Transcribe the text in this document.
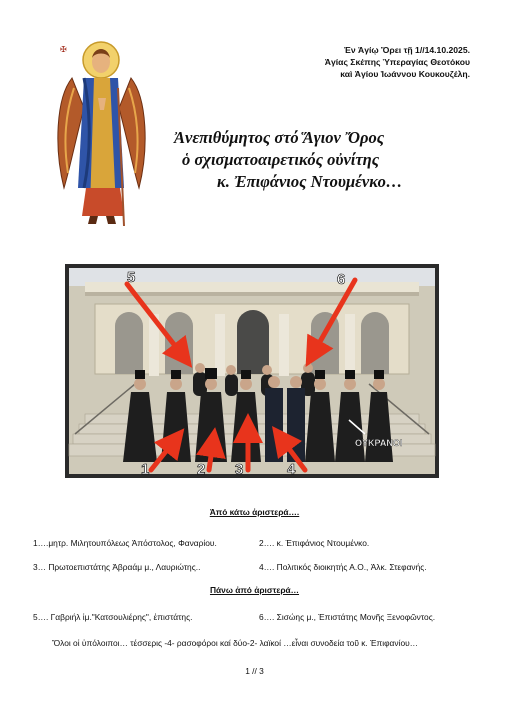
Ἐν Ἁγίῳ Ὄρει τῇ 1//14.10.2025.
Ἁγίας Σκέπης Ὑπεραγίας Θεοτόκου
καὶ Ἁγίου Ἰωάννου Κουκουζέλη.
✠
Ἀνεπιθύμητος στό Ἅγιον Ὄρος
ὁ σχισματοαιρετικός οὐνίτης
κ. Ἐπιφάνιος Ντουμένκο…
5	6
1	2 3	4
OYKPANOI
Ἀπό κάτω ἀριστερά….
1….μητρ. Μιλητουπόλεως Ἀπόστολος, Φαναρίου.	2…. κ. Ἐπιφάνιος Ντουμένκο.
3… Πρωτοεπιστάτης Ἀβραάμ μ., Λαυριώτης..	4…. Πολιτικός διοικητής Α.Ο., Ἀλκ. Στεφανής.
Πάνω ἀπό ἀριστερά…
5…. Γαβριήλ ἱμ."Κατσουλιέρης", ἐπιστάτης.	6…. Σισώης μ., Ἐπιστάτης Μονῆς Ξενοφῶντος.
Ὅλοι οἱ ὑπόλοιποι… τέσσερις -4- ρασοφόροι καί δύο-2- λαϊκοί …εἶναι συνοδεία τοῦ κ. Ἐπιφανίου…
1 // 3
